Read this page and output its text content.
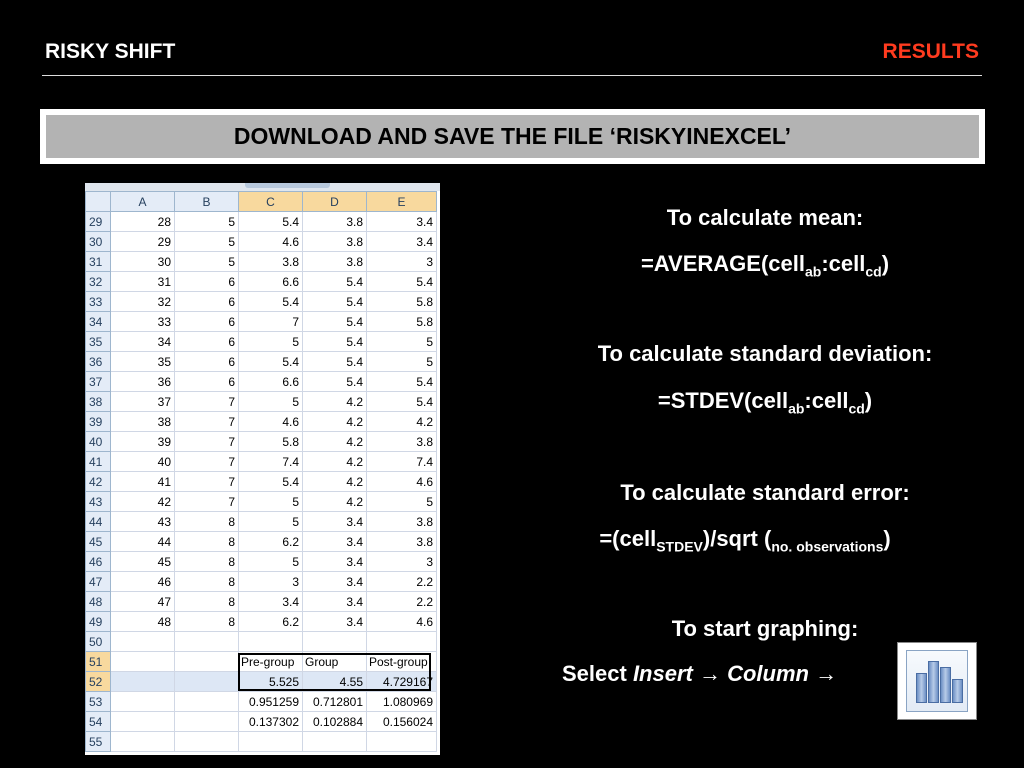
RISKY SHIFT	RESULTS
DOWNLOAD AND SAVE THE FILE ‘RISKYINEXCEL’
	A	B	C	D	E
29	28	5	5.4	3.8	3.4
30	29	5	4.6	3.8	3.4
31	30	5	3.8	3.8	3
32	31	6	6.6	5.4	5.4
33	32	6	5.4	5.4	5.8
34	33	6	7	5.4	5.8
35	34	6	5	5.4	5
36	35	6	5.4	5.4	5
37	36	6	6.6	5.4	5.4
38	37	7	5	4.2	5.4
39	38	7	4.6	4.2	4.2
40	39	7	5.8	4.2	3.8
41	40	7	7.4	4.2	7.4
42	41	7	5.4	4.2	4.6
43	42	7	5	4.2	5
44	43	8	5	3.4	3.8
45	44	8	6.2	3.4	3.8
46	45	8	5	3.4	3
47	46	8	3	3.4	2.2
48	47	8	3.4	3.4	2.2
49	48	8	6.2	3.4	4.6
50					
51			Pre-group	Group	Post-group
52			5.525	4.55	4.729167
53			0.951259	0.712801	1.080969
54			0.137302	0.102884	0.156024
55					
To calculate mean:
=AVERAGE(cell$_{ab}$:cell$_{cd}$)
To calculate standard deviation:
=STDEV(cell$_{ab}$:cell$_{cd}$)
To calculate standard error:
=(cell$_{STDEV}$)/sqrt $(_{no. observations})$
To start graphing:
Select Insert → Column →
